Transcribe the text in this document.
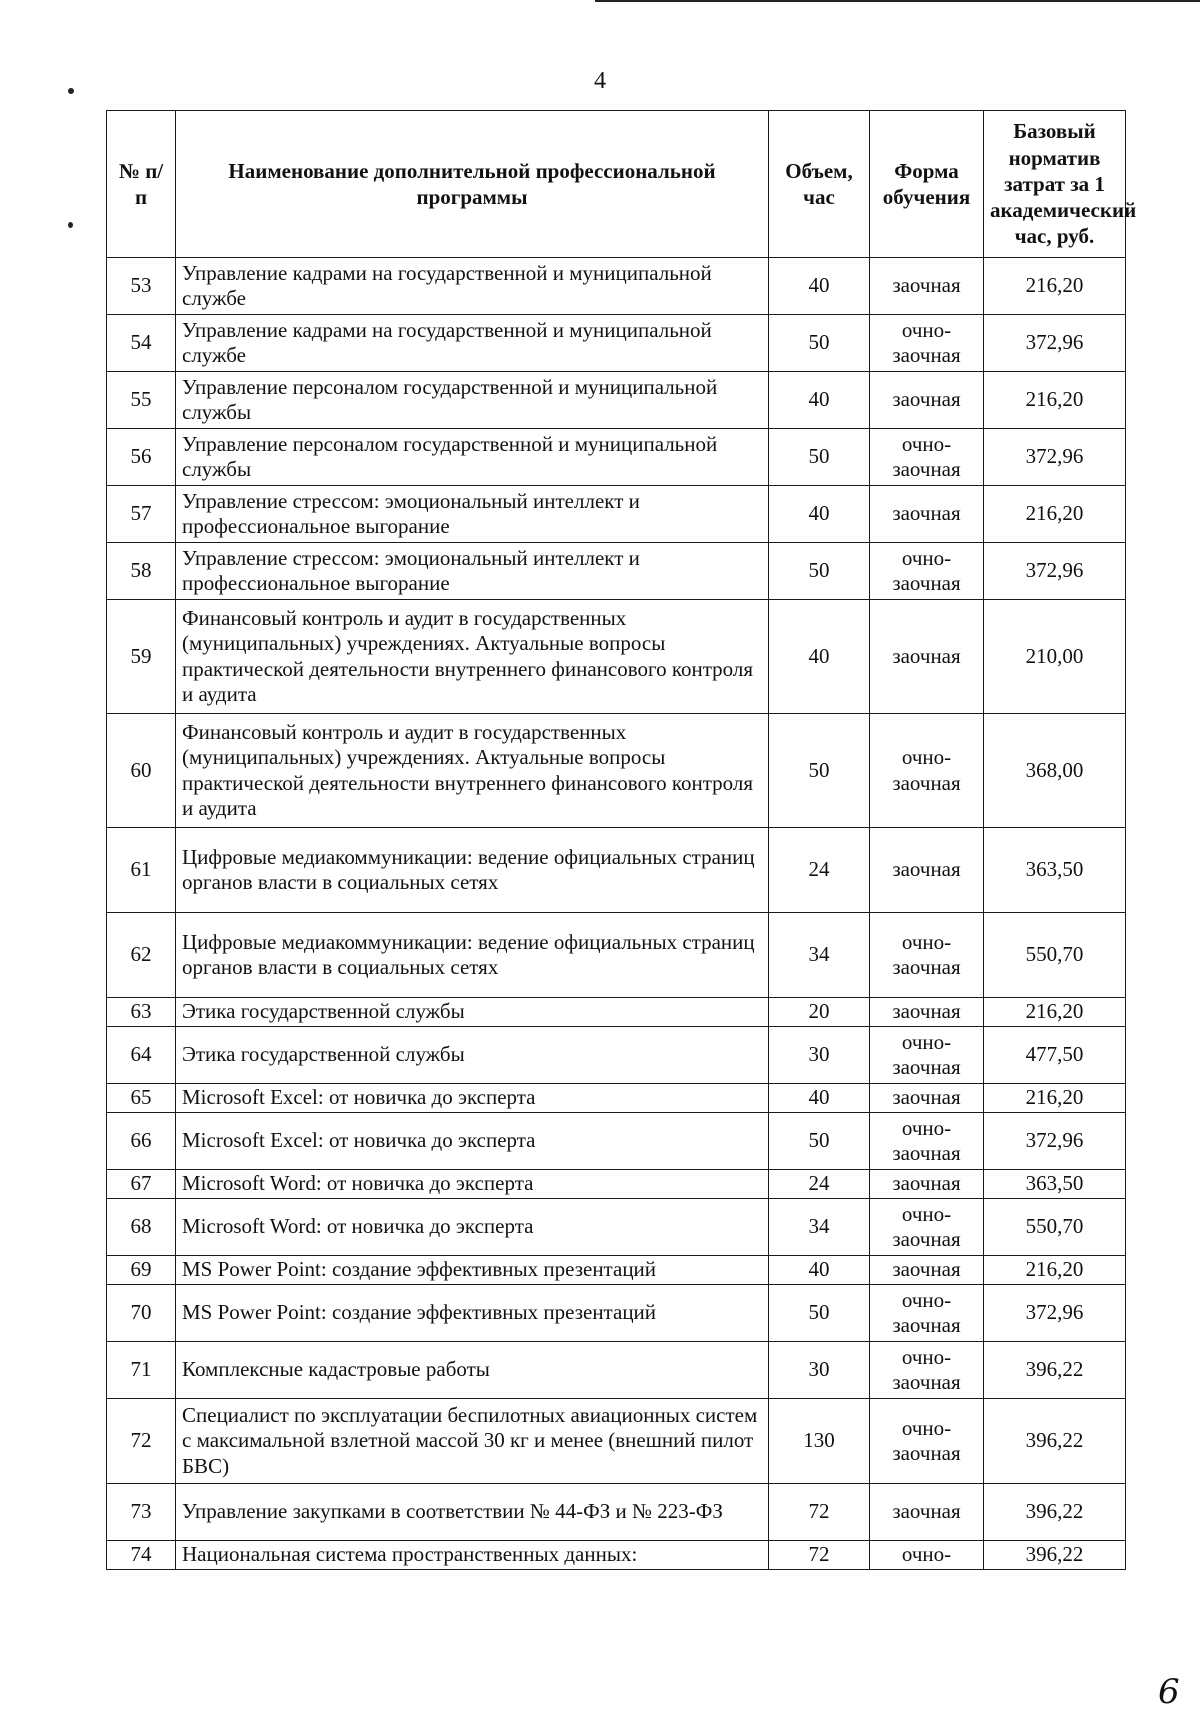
4
№ п/п	Наименование дополнительной профессиональной программы	Объем, час	Форма обучения	Базовый норматив затрат за 1 академический час, руб.
53	Управление кадрами на государственной и муниципальной службе	40	заочная	216,20
54	Управление кадрами на государственной и муниципальной службе	50	очно-заочная	372,96
55	Управление персоналом государственной и муниципальной службы	40	заочная	216,20
56	Управление персоналом государственной и муниципальной службы	50	очно-заочная	372,96
57	Управление стрессом: эмоциональный интеллект и профессиональное выгорание	40	заочная	216,20
58	Управление стрессом: эмоциональный интеллект и профессиональное выгорание	50	очно-заочная	372,96
59	Финансовый контроль и аудит в государственных (муниципальных) учреждениях. Актуальные вопросы практической деятельности внутреннего финансового контроля и аудита	40	заочная	210,00
60	Финансовый контроль и аудит в государственных (муниципальных) учреждениях. Актуальные вопросы практической деятельности внутреннего финансового контроля и аудита	50	очно-заочная	368,00
61	Цифровые медиакоммуникации: ведение официальных страниц органов власти в социальных сетях	24	заочная	363,50
62	Цифровые медиакоммуникации: ведение официальных страниц органов власти в социальных сетях	34	очно-заочная	550,70
63	Этика государственной службы	20	заочная	216,20
64	Этика государственной службы	30	очно-заочная	477,50
65	Microsoft Excel: от новичка до эксперта	40	заочная	216,20
66	Microsoft Excel: от новичка до эксперта	50	очно-заочная	372,96
67	Microsoft Word: от новичка до эксперта	24	заочная	363,50
68	Microsoft Word: от новичка до эксперта	34	очно-заочная	550,70
69	MS Power Point: создание эффективных презентаций	40	заочная	216,20
70	MS Power Point: создание эффективных презентаций	50	очно-заочная	372,96
71	Комплексные кадастровые работы	30	очно-заочная	396,22
72	Специалист по эксплуатации беспилотных авиационных систем с максимальной взлетной массой 30 кг и менее (внешний пилот БВС)	130	очно-заочная	396,22
73	Управление закупками в соответствии № 44-ФЗ и № 223-ФЗ	72	заочная	396,22
74	Национальная система пространственных данных:	72	очно-	396,22
6
